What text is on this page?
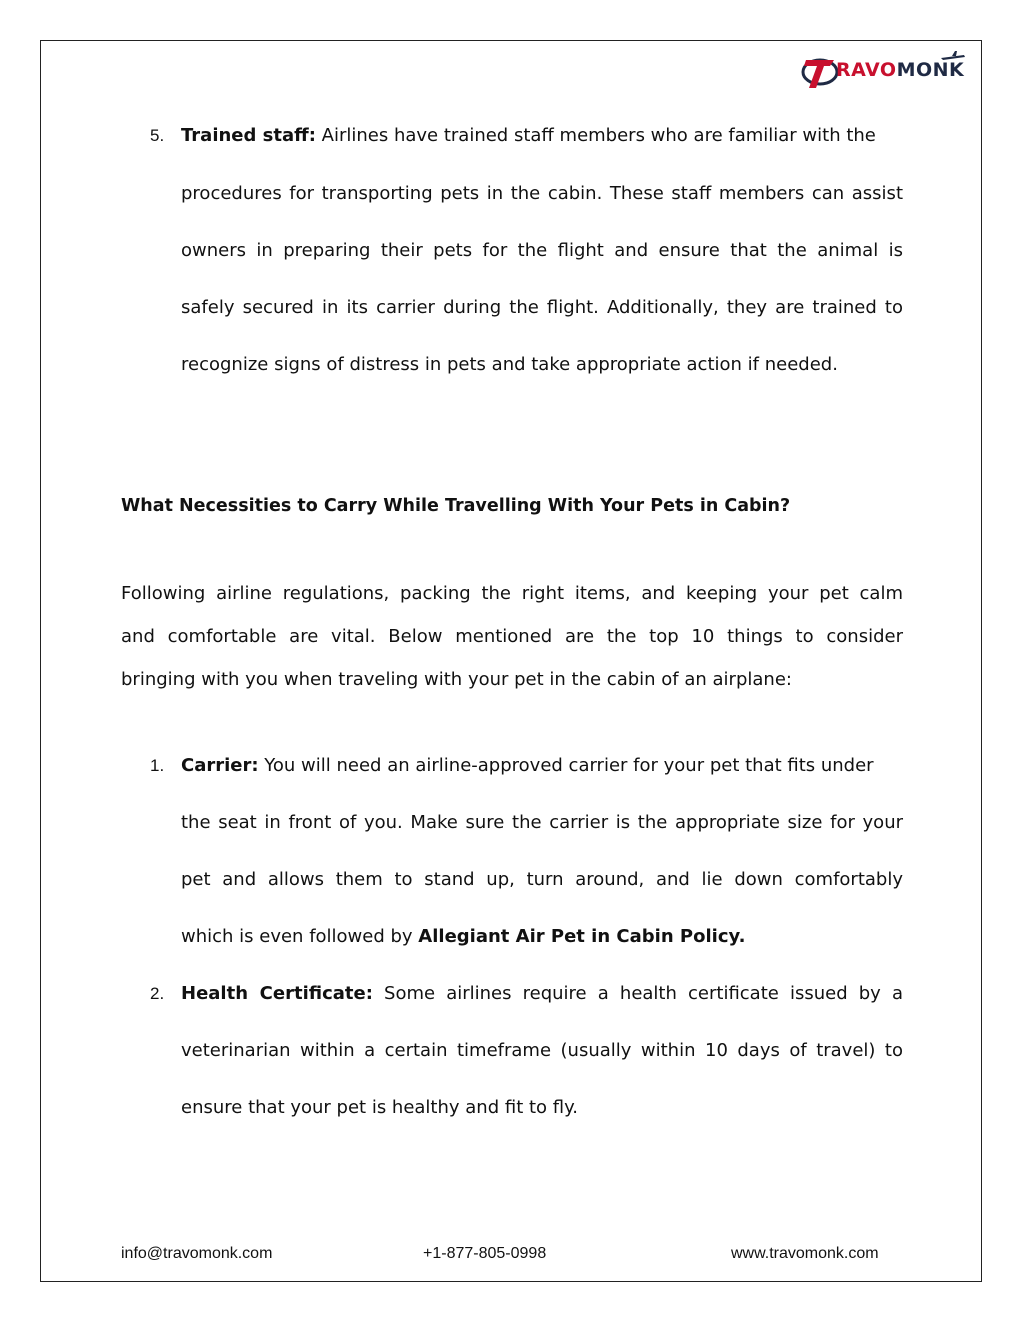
RAVOMONK
5. Trained staff: Airlines have trained staff members who are familiar with the
procedures for transporting pets in the cabin. These staff members can assist
owners in preparing their pets for the flight and ensure that the animal is
safely secured in its carrier during the flight. Additionally, they are trained to
recognize signs of distress in pets and take appropriate action if needed.
What Necessities to Carry While Travelling With Your Pets in Cabin?
Following airline regulations, packing the right items, and keeping your pet calm
and comfortable are vital. Below mentioned are the top 10 things to consider
bringing with you when traveling with your pet in the cabin of an airplane:
1. Carrier: You will need an airline-approved carrier for your pet that fits under
the seat in front of you. Make sure the carrier is the appropriate size for your
pet and allows them to stand up, turn around, and lie down comfortably
which is even followed by Allegiant Air Pet in Cabin Policy.
2. Health Certificate: Some airlines require a health certificate issued by a
veterinarian within a certain timeframe (usually within 10 days of travel) to
ensure that your pet is healthy and fit to fly.
info@travomonk.com	+1-877-805-0998	www.travomonk.com
